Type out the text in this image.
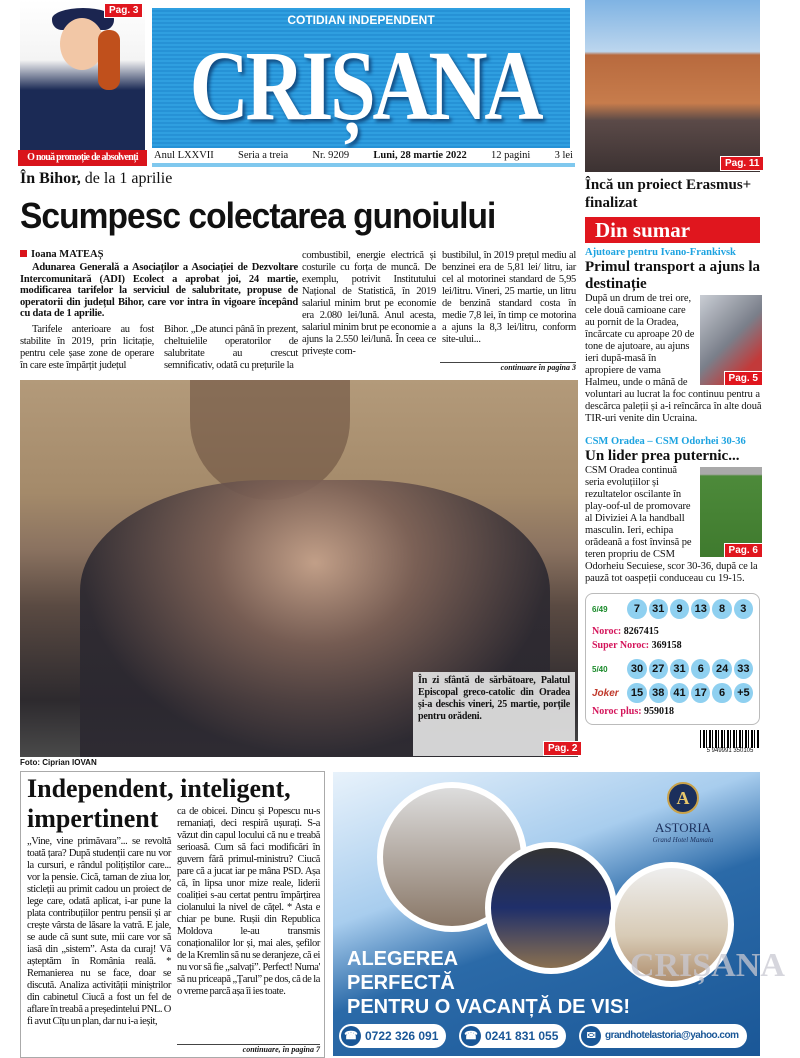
Pag. 3
O nouă promoție de absolvenți
COTIDIAN INDEPENDENT
CRIȘANA
Anul LXXVII Seria a treia Nr. 9209 Luni, 28 martie 2022 12 pagini 3 lei
Pag. 11
Încă un proiect Erasmus+ finalizat
În Bihor, de la 1 aprilie
Scumpesc colectarea gunoiului
Ioana MATEAȘ
Adunarea Generală a Asociaților a Asociației de Dezvoltare Intercomunitară (ADI) Ecolect a aprobat joi, 24 martie, modificarea tarifelor la serviciul de salubritate, propuse de operatorii din județul Bihor, care vor intra în vigoare începând cu data de 1 aprilie.
Tarifele anterioare au fost stabilite în 2019, prin licitație, pentru cele șase zone de operare în care este împărțit județul
Bihor. „De atunci până în prezent, cheltuielile operatorilor de salubritate au crescut semnificativ, odată cu prețurile la
combustibil, energie electrică și costurile cu forța de muncă. De exemplu, potrivit Institutului Național de Statistică, în 2019 salariul minim brut pe economie era 2.080 lei/lună. Anul acesta, salariul minim brut pe economie a ajuns la 2.550 lei/lună. În ceea ce privește com-
bustibilul, în 2019 prețul mediu al benzinei era de 5,81 lei/ litru, iar cel al motorinei standard de 5,95 lei/litru. Vineri, 25 martie, un litru de benzină standard costa în medie 7,8 lei, în timp ce motorina a ajuns la 8,3 lei/litru, conform site-ului...
continuare în pagina 3
În zi sfântă de sărbătoare, Palatul Episcopal greco-catolic din Oradea și-a deschis vineri, 25 martie, porțile pentru orădeni.
Pag. 2
Foto: Ciprian IOVAN
Independent, inteligent, impertinent
„Vine, vine primăvara”... se revoltă toată țara? După studenții care nu vor la cursuri, e rândul polițiștilor care... vor la pensie. Cică, taman de ziua lor, sticleții au primit cadou un proiect de lege care, odată aplicat, i-ar pune la plata contribuțiilor pentru pensii și ar crește vârsta de lăsare la vatră. E jale, se aude că sunt sute, mii care vor să iasă din „sistem”. Asta da curaj! Vă așteptăm în România reală. * Remanierea nu se face, doar se discută. Analiza activității miniștrilor din cabinetul Ciucă a fost un fel de aflare în treabă a președintelui PNL. O fi avut Cîțu un plan, dar nu i-a ieșit,
ca de obicei. Dincu și Popescu nu-s remaniați, deci respiră ușurați. S-a văzut din capul locului că nu e treabă serioasă. Cum să faci modificări în guvern fără primul-ministru? Ciucă pare că a jucat iar pe mâna PSD. Așa că, în lipsa unor mize reale, liderii coaliției s-au certat pentru împărțirea ciolanului la nivel de cățel. * Asta e chiar pe bune. Rușii din Republica Moldova le-au transmis conaționalilor lor și, mai ales, șefilor de la Kremlin să nu se deranjeze, că ei nu vor să fie „salvați”. Perfect! Numa' să nu priceapă „Țarul” pe dos, că de la o vreme parcă așa îi ies toate.
continuare, în pagina 7
A
ASTORIA
Grand Hotel Mamaia
ALEGEREA
PERFECTĂ
PENTRU O VACANȚĂ DE VIS!
☎ 0722 326 091	☎ 0241 831 055	✉ grandhotelastoria@yahoo.com
CRIȘANA
Din sumar
Ajutoare pentru Ivano-Frankivsk
Primul transport a ajuns la destinație
Pag. 5
După un drum de trei ore, cele două camioane care au pornit de la Oradea, încărcate cu aproape 20 de tone de ajutoare, au ajuns ieri după-masă în apropiere de vama Halmeu, unde o mână de voluntari au lucrat la foc continuu pentru a descărca paleții și a-i reîncărca în alte două TIR-uri venite din Ucraina.
CSM Oradea – CSM Odorhei 30-36
Un lider prea puternic...
Pag. 6
CSM Oradea continuă seria evoluțiilor și rezultatelor oscilante în play-oof-ul de promovare al Diviziei A la handball masculin. Ieri, echipa orădeană a fost învinsă pe teren propriu de CSM Odorheiu Secuiese, scor 30-36, după ce la pauză tot oaspeții conduceau cu 19-15.
6/49	7	31	9	13	8	3
Noroc: 8267415
Super Noroc: 369158
5/40	30 27 31	6	24 33
Joker	15 38 41 17	6	+5
Noroc plus: 959018
5 949991 350105
